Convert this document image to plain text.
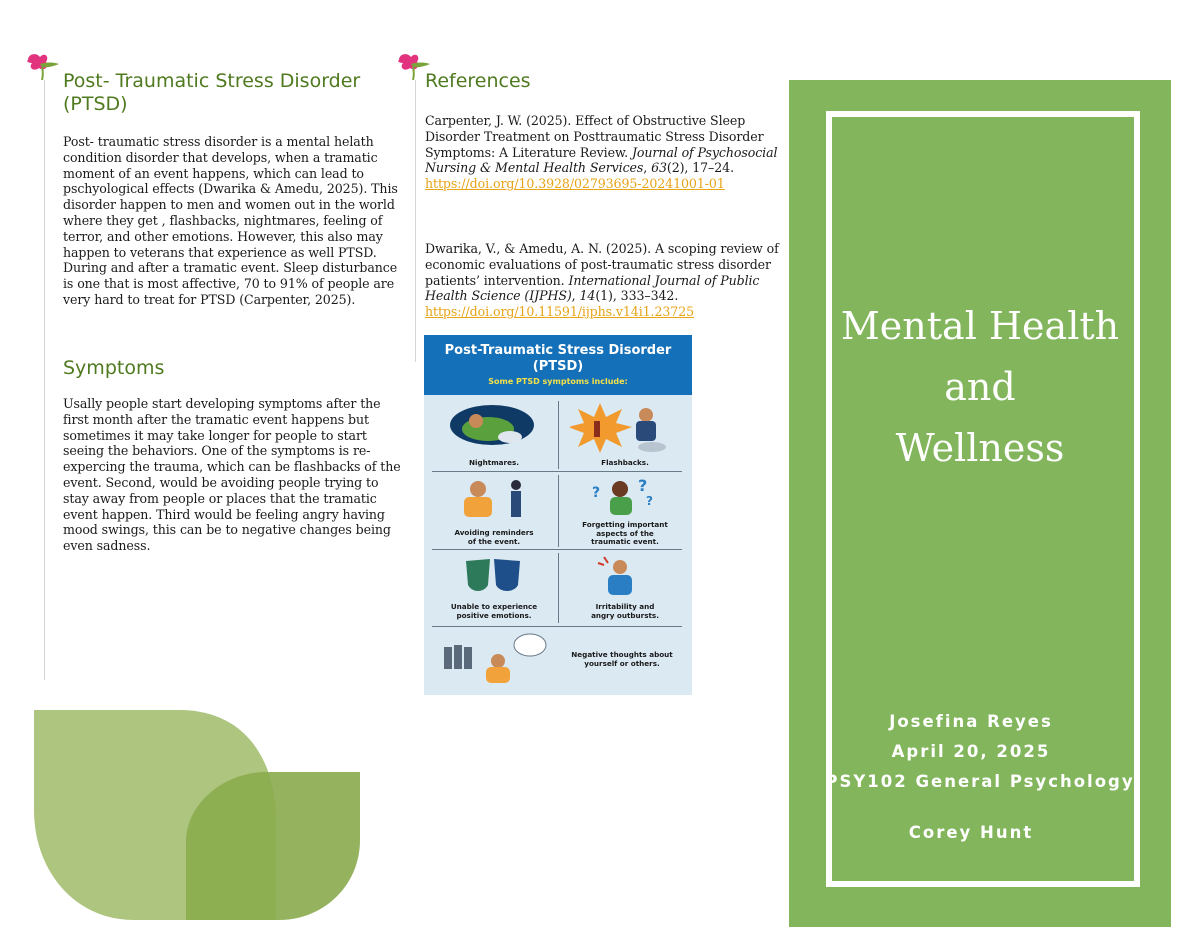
Post- Traumatic Stress Disorder (PTSD)
Post- traumatic stress disorder is a mental helath condition disorder that develops, when a tramatic moment of an event happens, which can lead to pschyological effects (Dwarika & Amedu, 2025). This disorder happen to men and women out in the world where they get , flashbacks, nightmares, feeling of terror, and other emotions. However, this also may happen to veterans that experience as well PTSD. During and after a tramatic event. Sleep disturbance is one that is most affective, 70 to 91% of people are very hard to treat for PTSD (Carpenter, 2025).
Symptoms
Usally people start developing symptoms after the first month after the tramatic event happens but sometimes it may take longer for people to start seeing the behaviors. One of the symptoms is re-expercing the trauma, which can be flashbacks of the event. Second, would be avoiding people trying to stay away from people or places that the tramatic event happen. Third would be feeling angry having mood swings, this can be to negative changes being even sadness.
References

Carpenter, J. W. (2025). Effect of Obstructive Sleep Disorder Treatment on Posttraumatic Stress Disorder Symptoms: A Literature Review. Journal of Psychosocial Nursing & Mental Health Services, 63(2), 17–24.
https://doi.org/10.3928/02793695-20241001-01

Dwarika, V., & Amedu, A. N. (2025). A scoping review of economic evaluations of post-traumatic stress disorder patients’ intervention. International Journal of Public Health Science (IJPHS), 14(1), 333–342. https://doi.org/10.11591/ijphs.v14i1.23725

Post-Traumatic Stress Disorder
(PTSD)
Some PTSD symptoms include:
Nightmares.	Flashbacks.
Avoiding reminders
of the event.
? ?
?
Forgetting important
aspects of the
traumatic event.
Unable to experience
positive emotions.
Irritability and
angry outbursts.
Negative thoughts about
yourself or others.
Mental Health
and
Wellness
Josefina Reyes
April 20, 2025
PSY102 General Psychology
Corey Hunt
